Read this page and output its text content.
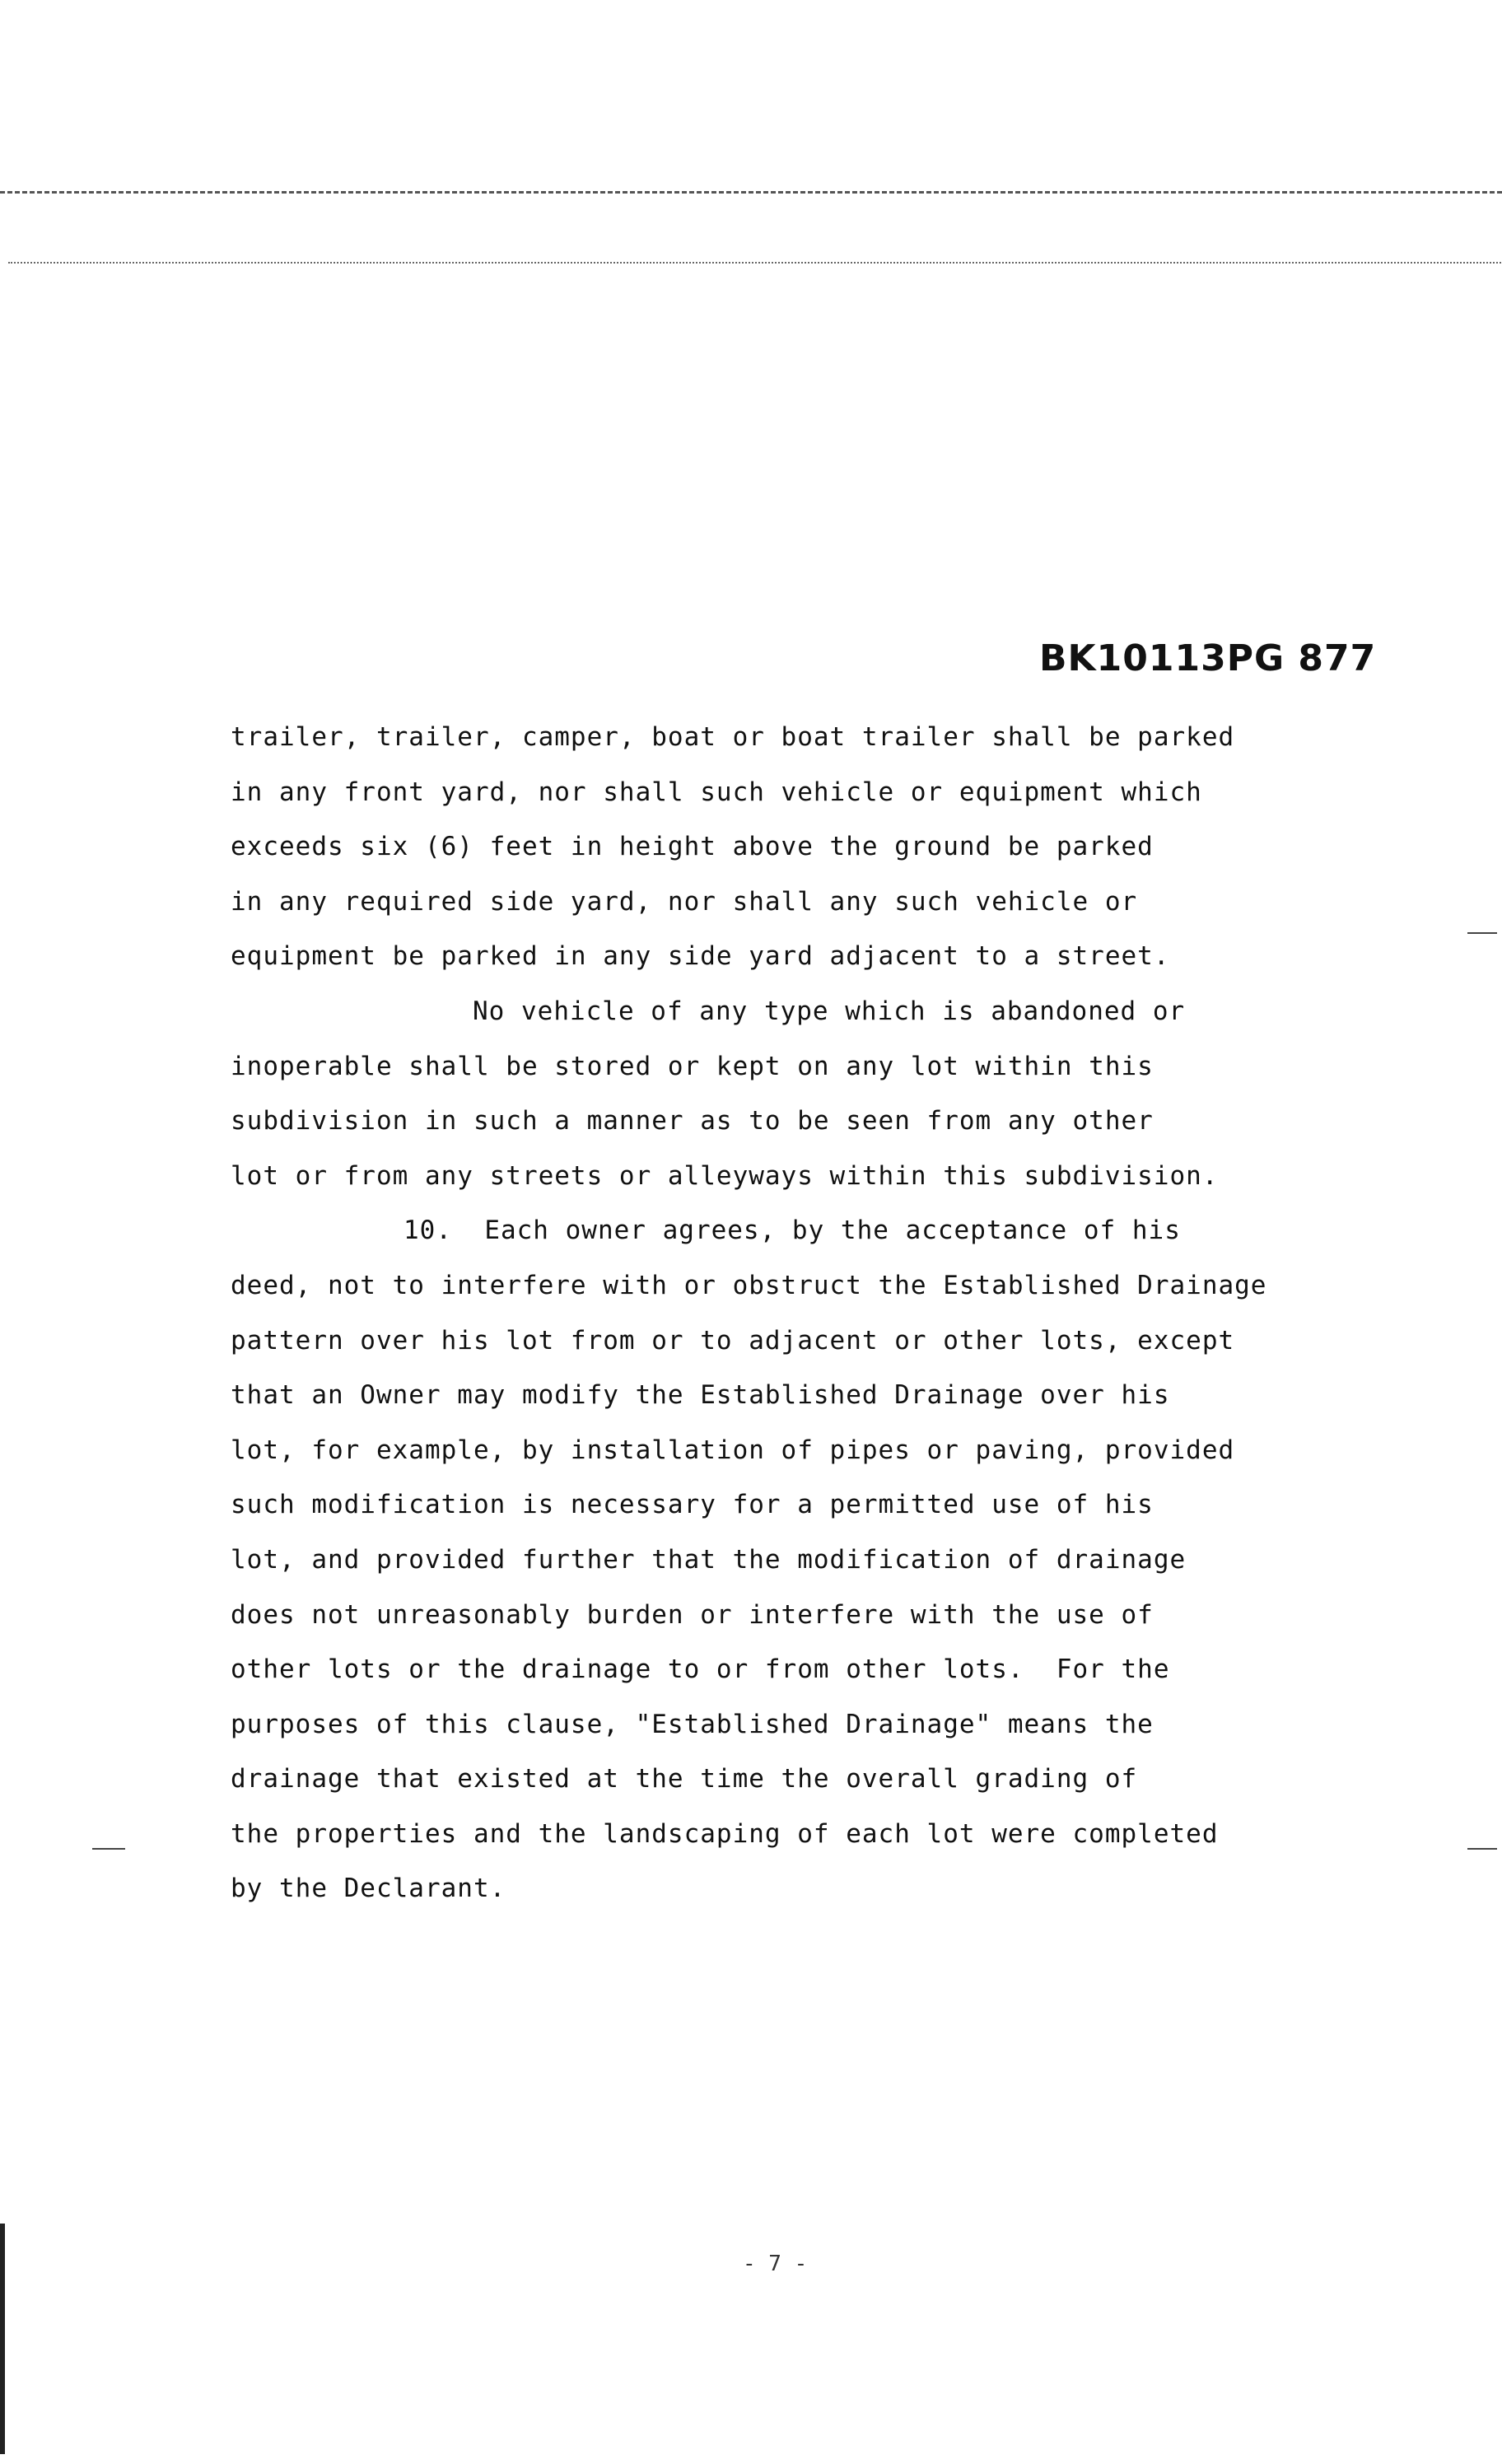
BK10113PG 877
trailer, trailer, camper, boat or boat trailer shall be parked
in any front yard, nor shall such vehicle or equipment which
exceeds six (6) feet in height above the ground be parked
in any required side yard, nor shall any such vehicle or
equipment be parked in any side yard adjacent to a street.
No vehicle of any type which is abandoned or
inoperable shall be stored or kept on any lot within this
subdivision in such a manner as to be seen from any other
lot or from any streets or alleyways within this subdivision.
10.  Each owner agrees, by the acceptance of his
deed, not to interfere with or obstruct the Established Drainage
pattern over his lot from or to adjacent or other lots, except
that an Owner may modify the Established Drainage over his
lot, for example, by installation of pipes or paving, provided
such modification is necessary for a permitted use of his
lot, and provided further that the modification of drainage
does not unreasonably burden or interfere with the use of
other lots or the drainage to or from other lots.  For the
purposes of this clause, "Established Drainage" means the
drainage that existed at the time the overall grading of
the properties and the landscaping of each lot were completed
by the Declarant.
- 7 -
